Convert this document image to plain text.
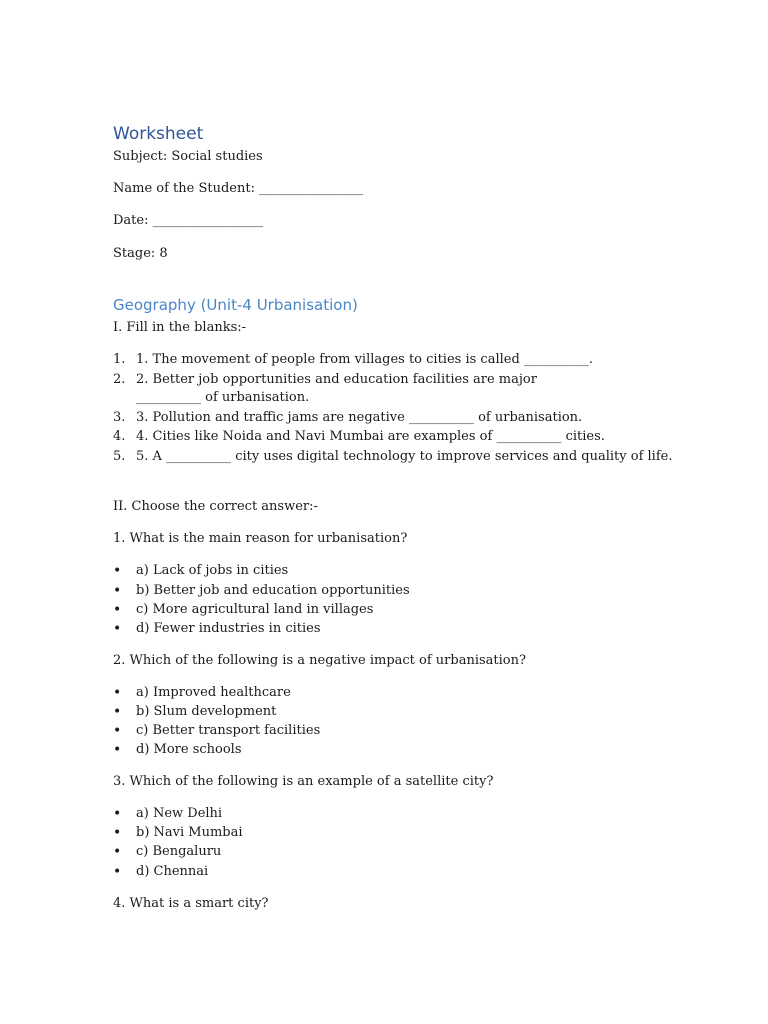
Worksheet
Subject: Social studies
Name of the Student: ________________
Date: _________________
Stage: 8
Geography (Unit-4 Urbanisation)
I. Fill in the blanks:-
1. 1. The movement of people from villages to cities is called __________.
2. 2. Better job opportunities and education facilities are major __________ of urbanisation.
3. 3. Pollution and traffic jams are negative __________ of urbanisation.
4. 4. Cities like Noida and Navi Mumbai are examples of __________ cities.
5. 5. A __________ city uses digital technology to improve services and quality of life.
II. Choose the correct answer:-
1. What is the main reason for urbanisation?
• a) Lack of jobs in cities
• b) Better job and education opportunities
• c) More agricultural land in villages
• d) Fewer industries in cities
2. Which of the following is a negative impact of urbanisation?
• a) Improved healthcare
• b) Slum development
• c) Better transport facilities
• d) More schools
3. Which of the following is an example of a satellite city?
• a) New Delhi
• b) Navi Mumbai
• c) Bengaluru
• d) Chennai
4. What is a smart city?
